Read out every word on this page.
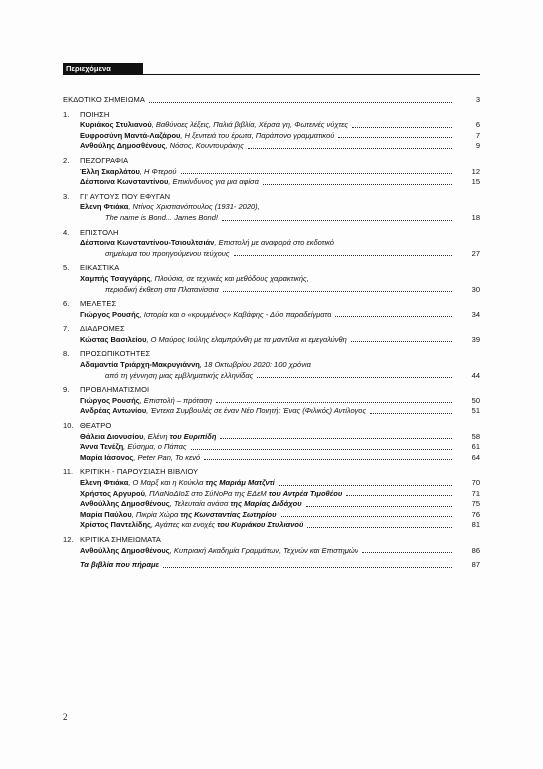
Περιεχόμενα
ΕΚΔΟΤΙΚΟ ΣΗΜΕΙΩΜΑ	3
1. ΠΟΙΗΣΗ
Κυριάκος Στυλιανού, Βαθύνοες λέξεις, Παλιά βιβλία, Χέρσα γη, Φωτεινές νύχτες	6
Ευφροσύνη Μαντά-Λαζάρου, Η ξενιτειά του έρωτα, Παράπονο γραμματικού	7
Ανθούλης Δημοσθένους, Νόσος, Κουντουράκης	9
2. ΠΕΖΟΓΡΑΦΙΑ
Έλλη Σκαρλάτου, Η Φτερού	12
Δέσποινα Κωνσταντίνου, Επικίνδυνος για μια αφίσα	15
3. ΓΙ' ΑΥΤΟΥΣ ΠΟΥ ΕΦΥΓΑΝ
Ελενη Φτιάκα, Ντίνος Χριστιανόπουλος (1931- 2020),
The name is Bond... James Bond!	18
4. ΕΠΙΣΤΟΛΗ
Δέσποινα Κωνσταντίνου-Τσιουλτσιάν, Επιστολή με αναφορά στο εκδοτικό
σημείωμα του προηγούμενου τεύχους	27
5. ΕΙΚΑΣΤΙΚΑ
Χαμπής Τσαγγάρης, Πλούσια, σε τεχνικές και μεθόδους χαρακτικής,
περιοδική έκθεση στα Πλατανίσσια	30
6. ΜΕΛΕΤΕΣ
Γιώργος Ρουσής, Ιστορία και ο «κρυμμένος» Καβάφης - Δύο παραδείγματα	34
7. ΔΙΑΔΡΟΜΕΣ
Κώστας Βασιλείου, Ο Μαύρος Ιούλης ελαμπρύνθη με τα μαντίλια κι εμεγαλύνθη	39
8. ΠΡΟΣΩΠΙΚΟΤΗΤΕΣ
Αδαμαντία Τριάρχη-Μακρυγιάννη, 18 Οκτωβρίου 2020: 100 χρόνια
από τη γέννηση μιας εμβληματικής ελληνίδας	44
9. ΠΡΟΒΛΗΜΑΤΙΣΜΟΙ
Γιώργος Ρουσής, Επιστολή – πρόταση	50
Ανδρέας Αντωνίου, Έντεκα Συμβουλές σε έναν Νέο Ποιητή: Ένας (Φιλικός) Αντίλογος	51
10. ΘΕΑΤΡΟ
Θάλεια Διονυσίου, Ελένη του Ευριπίδη	58
Άννα Τενέζη, Εύσημα, ο Πάπας	61
Μαρία Ιάσονος, Peter Pan, Το κενό	64
11. ΚΡΙΤΙΚΗ - ΠΑΡΟΥΣΙΑΣΗ ΒΙΒΛΙΟΥ
Ελενη Φτιάκα, Ο Μαρξ και η Κούκλα της Μαριάμ Ματζντί	70
Χρήστος Αργυρού, ΠΛαΝοΔΙοΣ στο ΣύΝοΡα της ΕΔεΜ του Αντρέα Τιμοθέου	71
Ανθούλλης Δημοσθένους, Τελευταία ανάσα της Μαρίας Διδάχου	75
Μαρία Παύλου, Πικρία Χώρα της Κωνσταντίας Σωτηρίου	76
Χρίστος Παντελίδης, Αγάπες και ενοχές του Κυριάκου Στυλιανού	81
12. ΚΡΙΤΙΚΑ ΣΗΜΕΙΩΜΑΤΑ
Ανθούλλης Δημοσθένους, Κυπριακή Ακαδημία Γραμμάτων, Τεχνών και Επιστημών	86
Τα βιβλία που πήραμε	87
2
